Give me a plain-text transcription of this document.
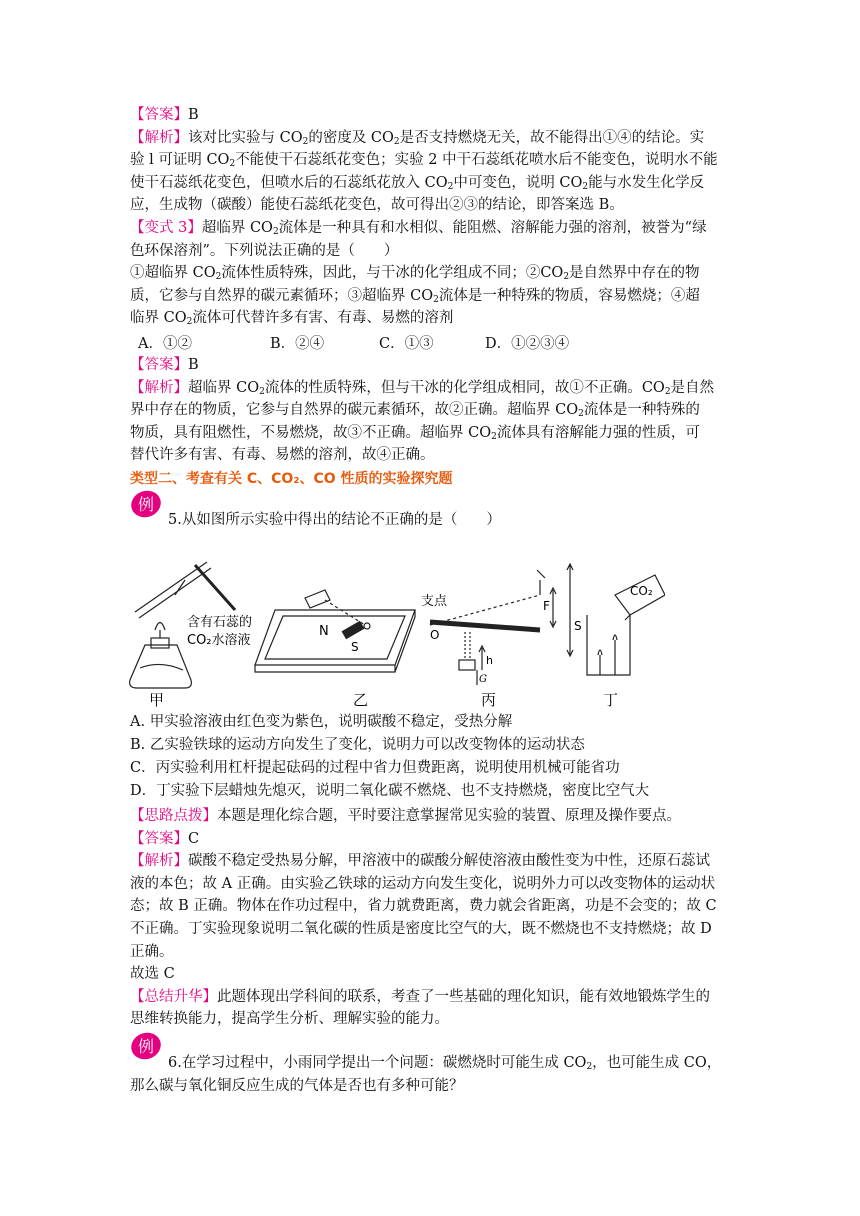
【答案】B
【解析】该对比实验与 $CO_2$的密度及 $CO_2$是否支持燃烧无关，故不能得出①④的结论。实
验 l 可证明 $CO_2$不能使干石蕊纸花变色；实验 2 中干石蕊纸花喷水后不能变色，说明水不能
使干石蕊纸花变色，但喷水后的石蕊纸花放入 $CO_2$中可变色，说明 $CO_2$能与水发生化学反
应，生成物（碳酸）能使石蕊纸花变色，故可得出②③的结论，即答案选 B。
【变式 3】超临界 $CO_2$流体是一种具有和水相似、能阻燃、溶解能力强的溶剂，被誉为“绿
色环保溶剂”。下列说法正确的是（　　）
①超临界 $CO_2$流体性质特殊，因此，与干冰的化学组成不同；$②CO_2$是自然界中存在的物
质，它参与自然界的碳元素循环；③超临界 $CO_2$流体是一种特殊的物质，容易燃烧；④超
临界 $CO_2$流体可代替许多有害、有毒、易燃的溶剂
A．①②	B．②④	C．①③	D．①②③④
【答案】B
【解析】超临界 $CO_2$流体的性质特殊，但与干冰的化学组成相同，故①不正确。$CO_2$是自然
界中存在的物质，它参与自然界的碳元素循环，故②正确。超临界 $CO_2$流体是一种特殊的
物质，具有阻燃性，不易燃烧，故③不正确。超临界 $CO_2$流体具有溶解能力强的性质，可
替代许多有害、有毒、易燃的溶剂，故④正确。
类型二、考查有关 C、CO₂、CO 性质的实验探究题
例
5.从如图所示实验中得出的结论不正确的是（　　）
含有石蕊的
CO₂水溶液
甲
N
S
乙
支点
O
F
S
h
G
丙
CO₂
丁
A. 甲实验溶液由红色变为紫色，说明碳酸不稳定，受热分解
B. 乙实验铁球的运动方向发生了变化，说明力可以改变物体的运动状态
C．丙实验利用杠杆提起砝码的过程中省力但费距离，说明使用机械可能省功
D．丁实验下层蜡烛先熄灭，说明二氧化碳不燃烧、也不支持燃烧，密度比空气大
【思路点拨】本题是理化综合题，平时要注意掌握常见实验的装置、原理及操作要点。
【答案】C
【解析】碳酸不稳定受热易分解，甲溶液中的碳酸分解使溶液由酸性变为中性，还原石蕊试
液的本色；故 A 正确。由实验乙铁球的运动方向发生变化，说明外力可以改变物体的运动状
态；故 B 正确。物体在作功过程中，省力就费距离，费力就会省距离，功是不会变的；故 C
不正确。丁实验现象说明二氧化碳的性质是密度比空气的大，既不燃烧也不支持燃烧；故 D
正确。
故选 C
【总结升华】此题体现出学科间的联系，考查了一些基础的理化知识，能有效地锻炼学生的
思维转换能力，提高学生分析、理解实验的能力。
例
6.在学习过程中，小雨同学提出一个问题：碳燃烧时可能生成 $CO_2$，也可能生成 CO，
那么碳与氧化铜反应生成的气体是否也有多种可能？
